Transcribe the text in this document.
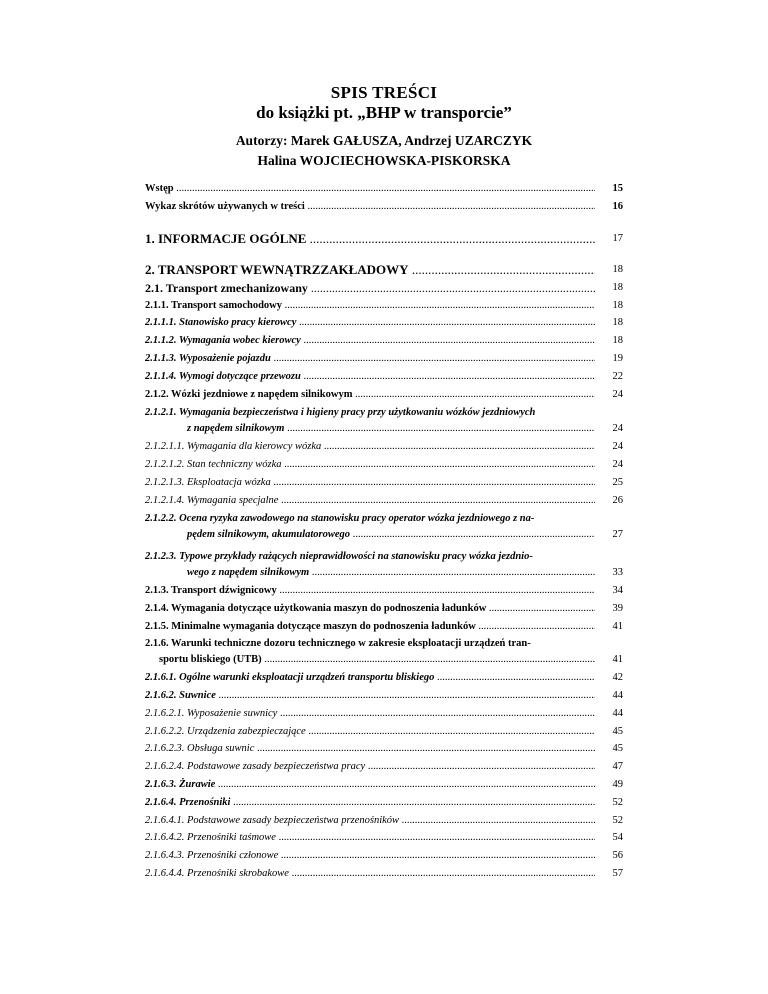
SPIS TREŚCI
do książki pt. „BHP w transporcie”
Autorzy: Marek GAŁUSZA, Andrzej UZARCZYK
Halina WOJCIECHOWSKA-PISKORSKA
Wstęp .....	15
Wykaz skrótów używanych w treści .....	16
1. INFORMACJE OGÓLNE .....	17
2. TRANSPORT WEWNĄTRZZAKŁADOWY .....	18
2.1. Transport zmechanizowany .....	18
2.1.1. Transport samochodowy .....	18
2.1.1.1. Stanowisko pracy kierowcy .....	18
2.1.1.2. Wymagania wobec kierowcy .....	18
2.1.1.3. Wyposażenie pojazdu .....	19
2.1.1.4. Wymogi dotyczące przewozu .....	22
2.1.2. Wózki jezdniowe z napędem silnikowym .....	24
2.1.2.1. Wymagania bezpieczeństwa i higieny pracy przy użytkowaniu wózków jezdniowych
z napędem silnikowym .....	24
2.1.2.1.1. Wymagania dla kierowcy wózka .....	24
2.1.2.1.2. Stan techniczny wózka .....	24
2.1.2.1.3. Eksploatacja wózka .....	25
2.1.2.1.4. Wymagania specjalne .....	26
2.1.2.2. Ocena ryzyka zawodowego na stanowisku pracy operator wózka jezdniowego z na-
pędem silnikowym, akumulatorowego .....	27
2.1.2.3. Typowe przykłady rażących nieprawidłowości na stanowisku pracy wózka jezdnio-
wego z napędem silnikowym .....	33
2.1.3. Transport dźwignicowy .....	34
2.1.4. Wymagania dotyczące użytkowania maszyn do podnoszenia ładunków .....	39
2.1.5. Minimalne wymagania dotyczące maszyn do podnoszenia ładunków .....	41
2.1.6. Warunki techniczne dozoru technicznego w zakresie eksploatacji urządzeń tran-
sportu bliskiego (UTB) .....	41
2.1.6.1. Ogólne warunki eksploatacji urządzeń transportu bliskiego .....	42
2.1.6.2. Suwnice .....	44
2.1.6.2.1. Wyposażenie suwnicy .....	44
2.1.6.2.2. Urządzenia zabezpieczające .....	45
2.1.6.2.3. Obsługa suwnic .....	45
2.1.6.2.4. Podstawowe zasady bezpieczeństwa pracy .....	47
2.1.6.3. Żurawie .....	49
2.1.6.4. Przenośniki .....	52
2.1.6.4.1. Podstawowe zasady bezpieczeństwa przenośników .....	52
2.1.6.4.2. Przenośniki taśmowe .....	54
2.1.6.4.3. Przenośniki członowe .....	56
2.1.6.4.4. Przenośniki skrobakowe .....	57
